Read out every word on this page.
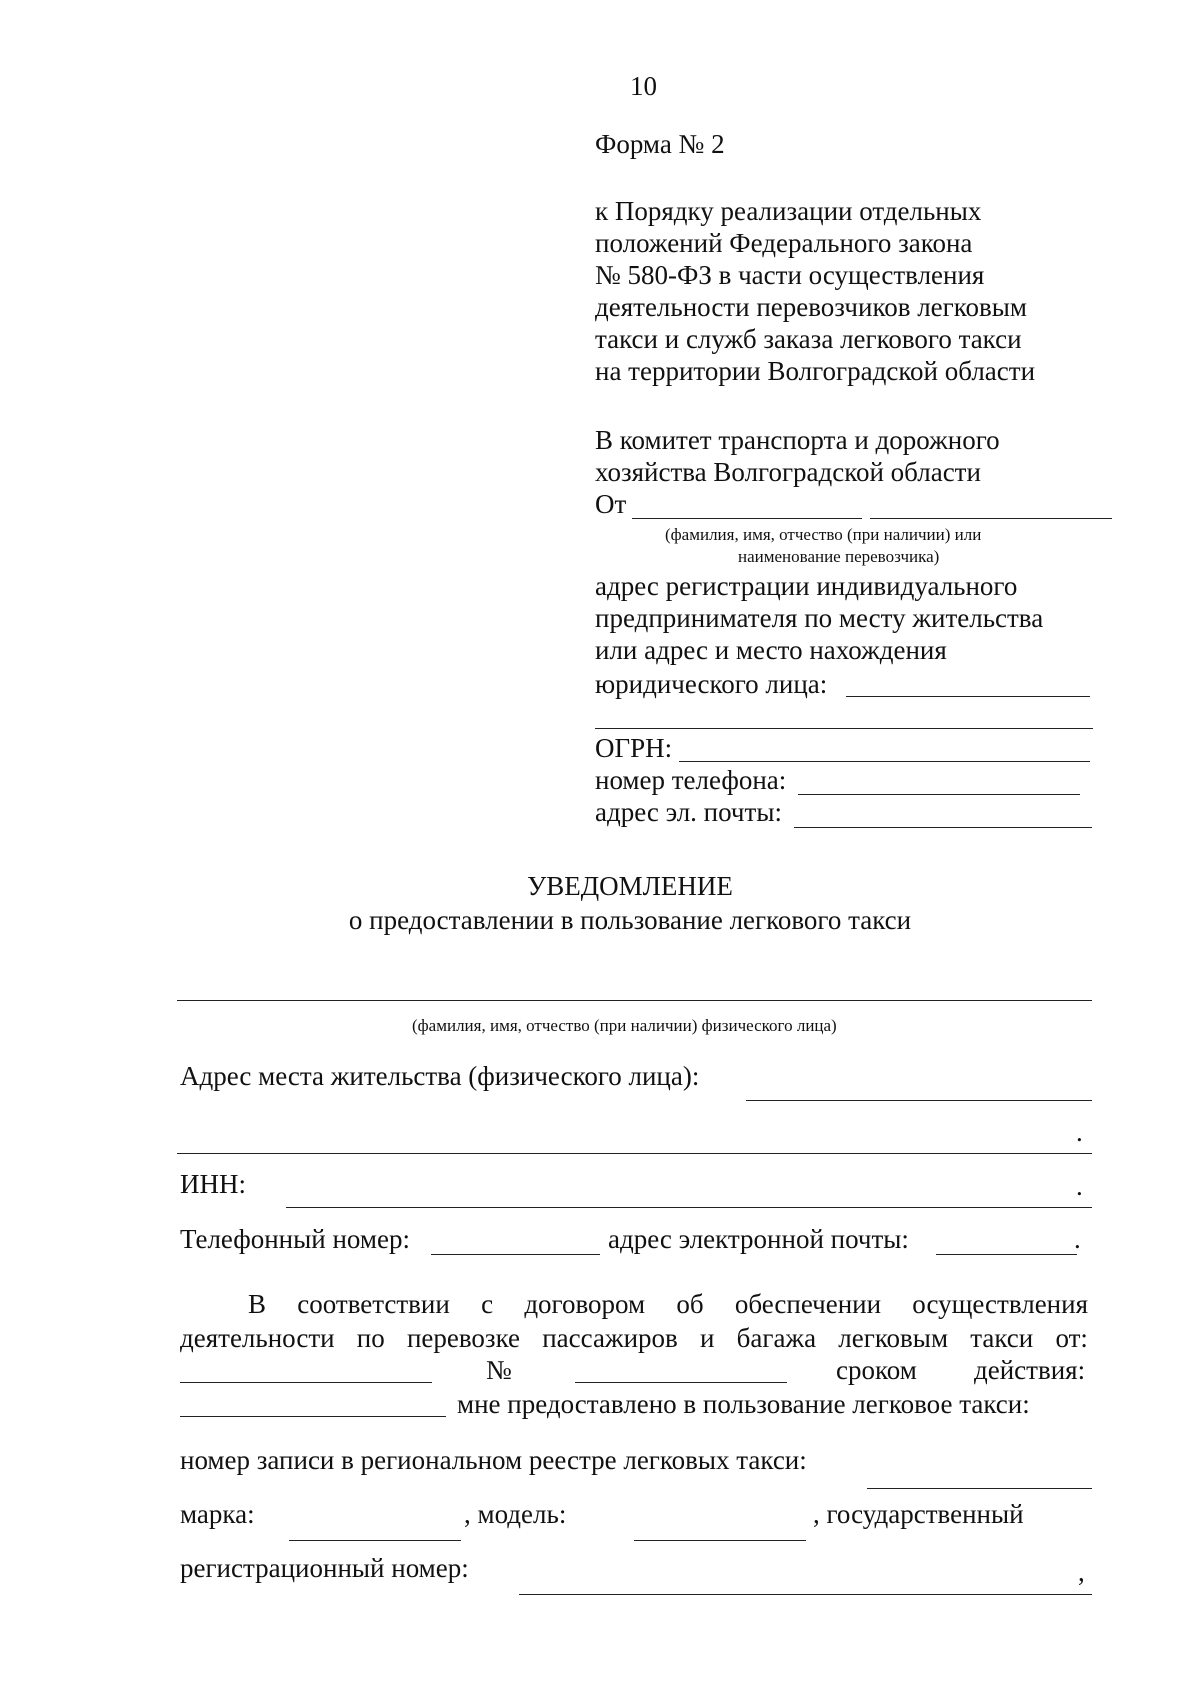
10
Форма № 2
к Порядку реализации отдельных
положений Федерального закона
№ 580-ФЗ в части осуществления
деятельности перевозчиков легковым
такси и служб заказа легкового такси
на территории Волгоградской области
В комитет транспорта и дорожного
хозяйства Волгоградской области
От
(фамилия, имя, отчество (при наличии) или
наименование перевозчика)
адрес регистрации индивидуального
предпринимателя по месту жительства
или адрес и место нахождения
юридического лица:
ОГРН:
номер телефона:
адрес эл. почты:
УВЕДОМЛЕНИЕ
о предоставлении в пользование легкового такси
(фамилия, имя, отчество (при наличии) физического лица)
Адрес места жительства (физического лица):
.
ИНН:	.
Телефонный номер:	адрес электронной почты:	.
В соответствии с договором об обеспечении осуществления
деятельности по перевозке пассажиров и багажа легковым такси от:
№	сроком действия:
мне предоставлено в пользование легковое такси:
номер записи в региональном реестре легковых такси:
марка:	, модель:	, государственный
регистрационный номер:	,
